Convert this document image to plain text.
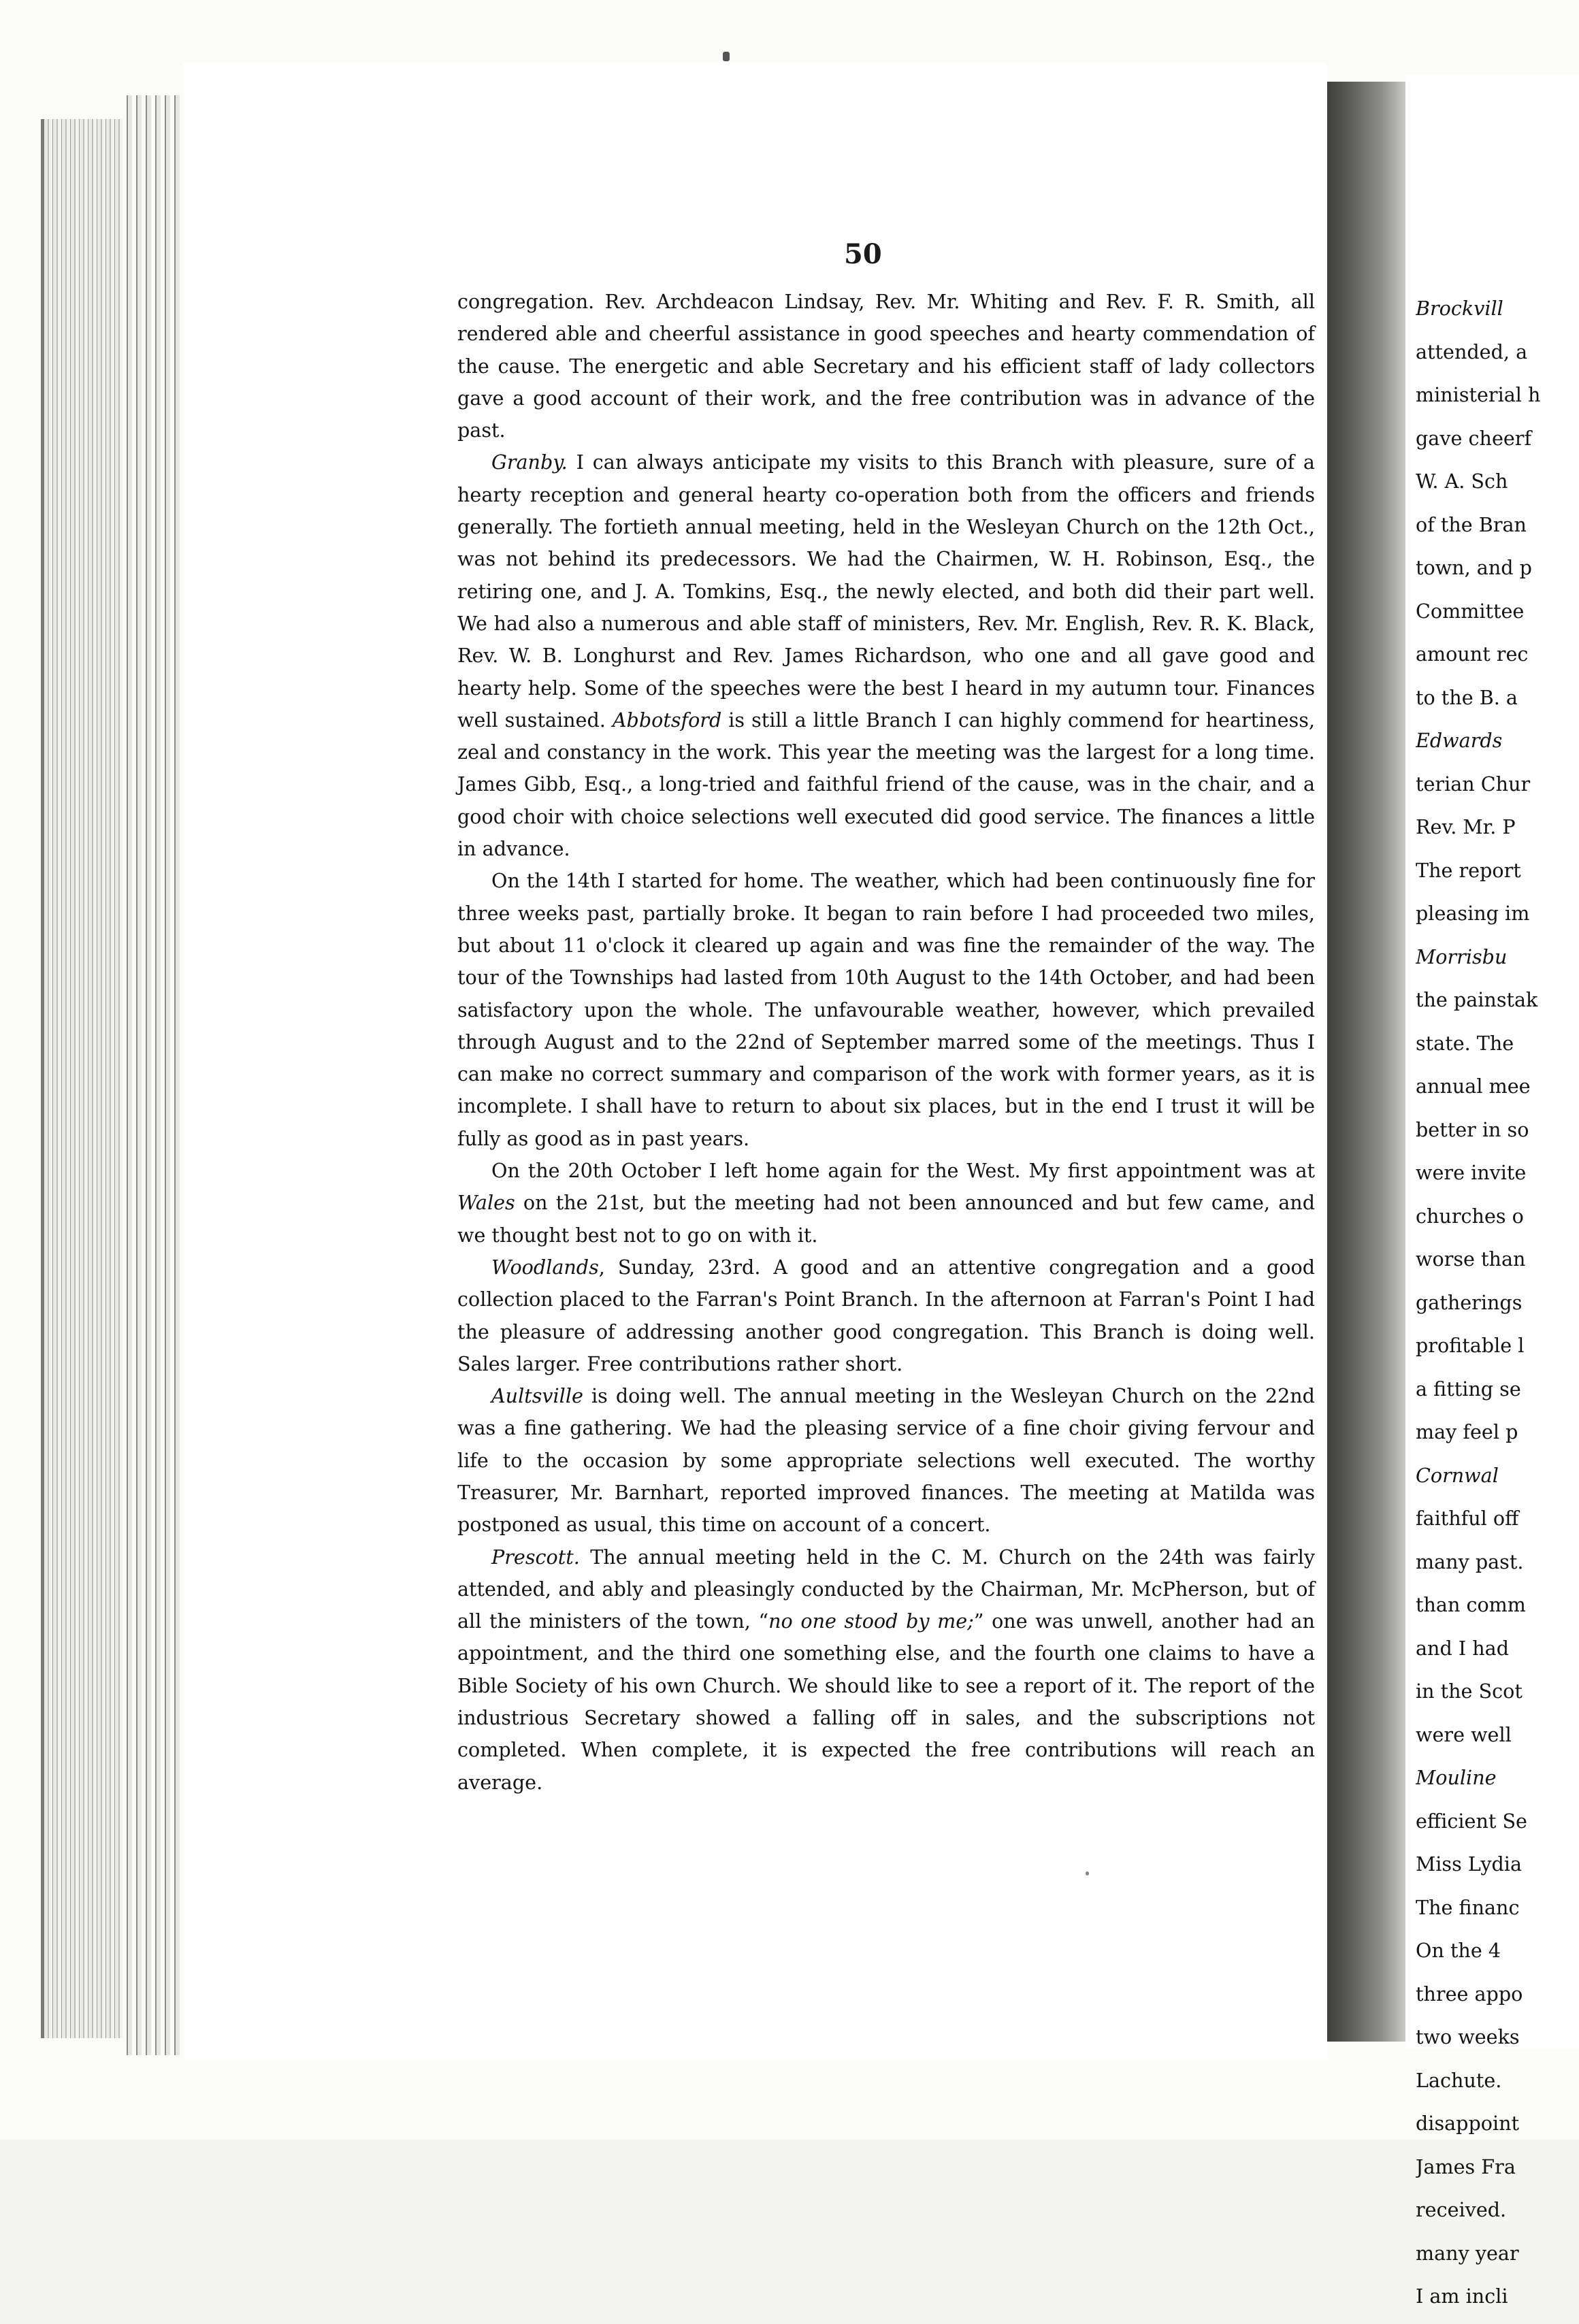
50

congregation. Rev. Archdeacon Lindsay, Rev. Mr. Whiting and Rev. F. R. Smith, all rendered able and cheerful assistance in good speeches and hearty commendation of the cause. The energetic and able Secretary and his efficient staff of lady collectors gave a good account of their work, and the free contribution was in advance of the past.

Granby. I can always anticipate my visits to this Branch with pleasure, sure of a hearty reception and general hearty co-operation both from the officers and friends generally. The fortieth annual meeting, held in the Wesleyan Church on the 12th Oct., was not behind its predecessors. We had the Chairmen, W. H. Robinson, Esq., the retiring one, and J. A. Tomkins, Esq., the newly elected, and both did their part well. We had also a numerous and able staff of ministers, Rev. Mr. English, Rev. R. K. Black, Rev. W. B. Longhurst and Rev. James Richardson, who one and all gave good and hearty help. Some of the speeches were the best I heard in my autumn tour. Finances well sustained. Abbotsford is still a little Branch I can highly commend for heartiness, zeal and constancy in the work. This year the meeting was the largest for a long time. James Gibb, Esq., a long-tried and faithful friend of the cause, was in the chair, and a good choir with choice selections well executed did good service. The finances a little in advance.

On the 14th I started for home. The weather, which had been continuously fine for three weeks past, partially broke. It began to rain before I had proceeded two miles, but about 11 o'clock it cleared up again and was fine the remainder of the way. The tour of the Townships had lasted from 10th August to the 14th October, and had been satisfactory upon the whole. The unfavourable weather, however, which prevailed through August and to the 22nd of September marred some of the meetings. Thus I can make no correct summary and comparison of the work with former years, as it is incomplete. I shall have to return to about six places, but in the end I trust it will be fully as good as in past years.

On the 20th October I left home again for the West. My first appointment was at Wales on the 21st, but the meeting had not been announced and but few came, and we thought best not to go on with it.

Woodlands, Sunday, 23rd. A good and an attentive congregation and a good collection placed to the Farran's Point Branch. In the afternoon at Farran's Point I had the pleasure of addressing another good congregation. This Branch is doing well. Sales larger. Free contributions rather short.

Aultsville is doing well. The annual meeting in the Wesleyan Church on the 22nd was a fine gathering. We had the pleasing service of a fine choir giving fervour and life to the occasion by some appropriate selections well executed. The worthy Treasurer, Mr. Barnhart, reported improved finances. The meeting at Matilda was postponed as usual, this time on account of a concert.

Prescott. The annual meeting held in the C. M. Church on the 24th was fairly attended, and ably and pleasingly conducted by the Chairman, Mr. McPherson, but of all the ministers of the town, “no one stood by me;” one was unwell, another had an appointment, and the third one something else, and the fourth one claims to have a Bible Society of his own Church. We should like to see a report of it. The report of the industrious Secretary showed a falling off in sales, and the subscriptions not completed. When complete, it is expected the free contributions will reach an average.

Brockvill
attended, a
ministerial h
gave cheerf
W. A. Sch
of the Bran
town, and p
Committee
amount rec
to the B. a
Edwards
terian Chur
Rev. Mr. P
The report
pleasing im
Morrisbu
the painstak
state. The
annual mee
better in so
were invite
churches o
worse than
gatherings
profitable l
a fitting se
may feel p
Cornwal
faithful off
many past.
than comm
and I had
in the Scot
were well
Mouline
efficient Se
Miss Lydia
The financ
On the 4
three appo
two weeks
Lachute.
disappoint
James Fra
received.
many year
I am incli
